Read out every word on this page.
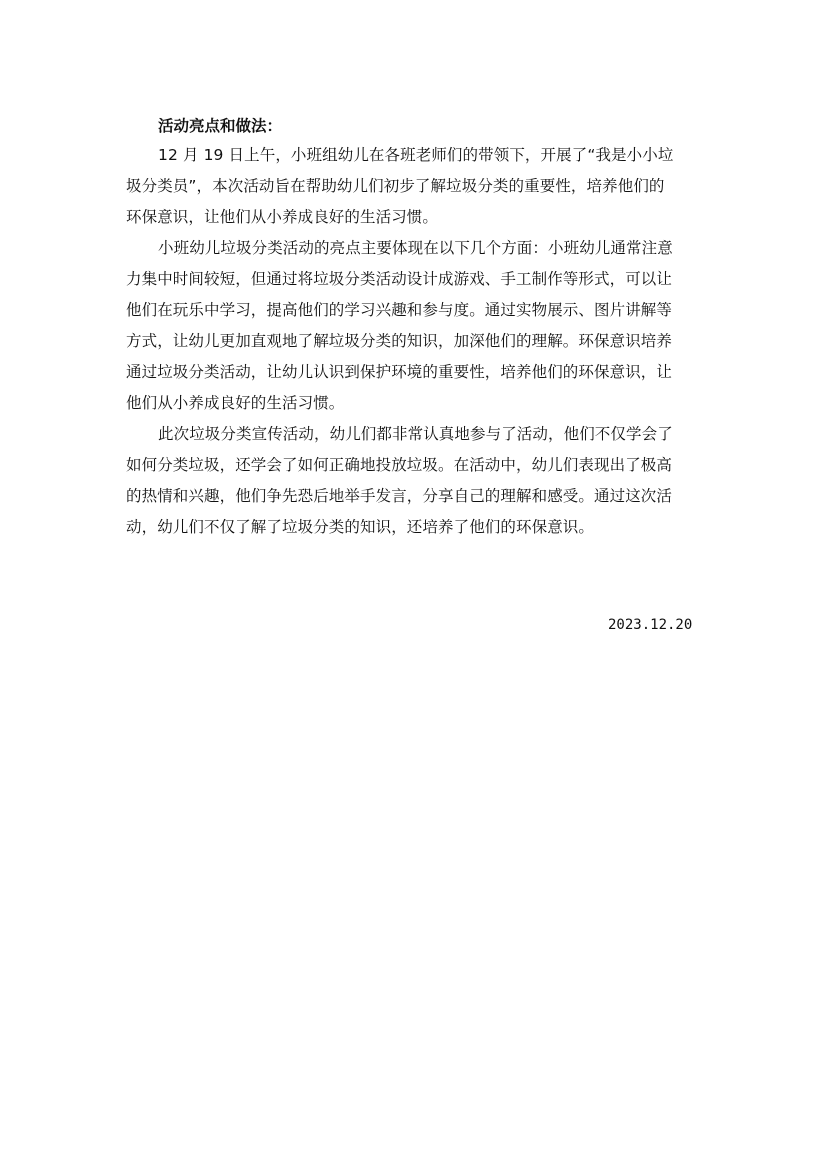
活动亮点和做法：

12 月 19 日上午，小班组幼儿在各班老师们的带领下，开展了“我是小小垃
圾分类员”，本次活动旨在帮助幼儿们初步了解垃圾分类的重要性，培养他们的
环保意识，让他们从小养成良好的生活习惯。

小班幼儿垃圾分类活动的亮点主要体现在以下几个方面：小班幼儿通常注意
力集中时间较短，但通过将垃圾分类活动设计成游戏、手工制作等形式，可以让
他们在玩乐中学习，提高他们的学习兴趣和参与度。通过实物展示、图片讲解等
方式，让幼儿更加直观地了解垃圾分类的知识，加深他们的理解。环保意识培养
通过垃圾分类活动，让幼儿认识到保护环境的重要性，培养他们的环保意识，让
他们从小养成良好的生活习惯。

此次垃圾分类宣传活动，幼儿们都非常认真地参与了活动，他们不仅学会了
如何分类垃圾，还学会了如何正确地投放垃圾。在活动中，幼儿们表现出了极高
的热情和兴趣，他们争先恐后地举手发言，分享自己的理解和感受。通过这次活
动，幼儿们不仅了解了垃圾分类的知识，还培养了他们的环保意识。

2023.12.20
